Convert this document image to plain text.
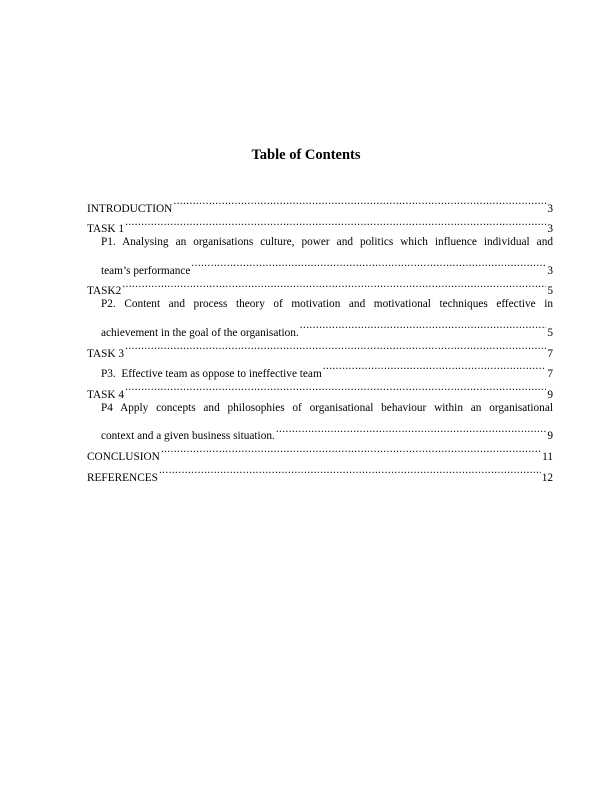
Table of Contents
INTRODUCTION .....	3
TASK 1 .....	3
P1. Analysing an organisations culture, power and politics which influence individual and
team’s performance .....	3
TASK2 .....	5
P2. Content and process theory of motivation and motivational techniques effective in
achievement in the goal of the organisation. .....	5
TASK 3 .....	7
P3.  Effective team as oppose to ineffective team .....	7
TASK 4 .....	9
P4 Apply concepts and philosophies of organisational behaviour within an organisational
context and a given business situation. .....	9
CONCLUSION .....	11
REFERENCES .....	12
